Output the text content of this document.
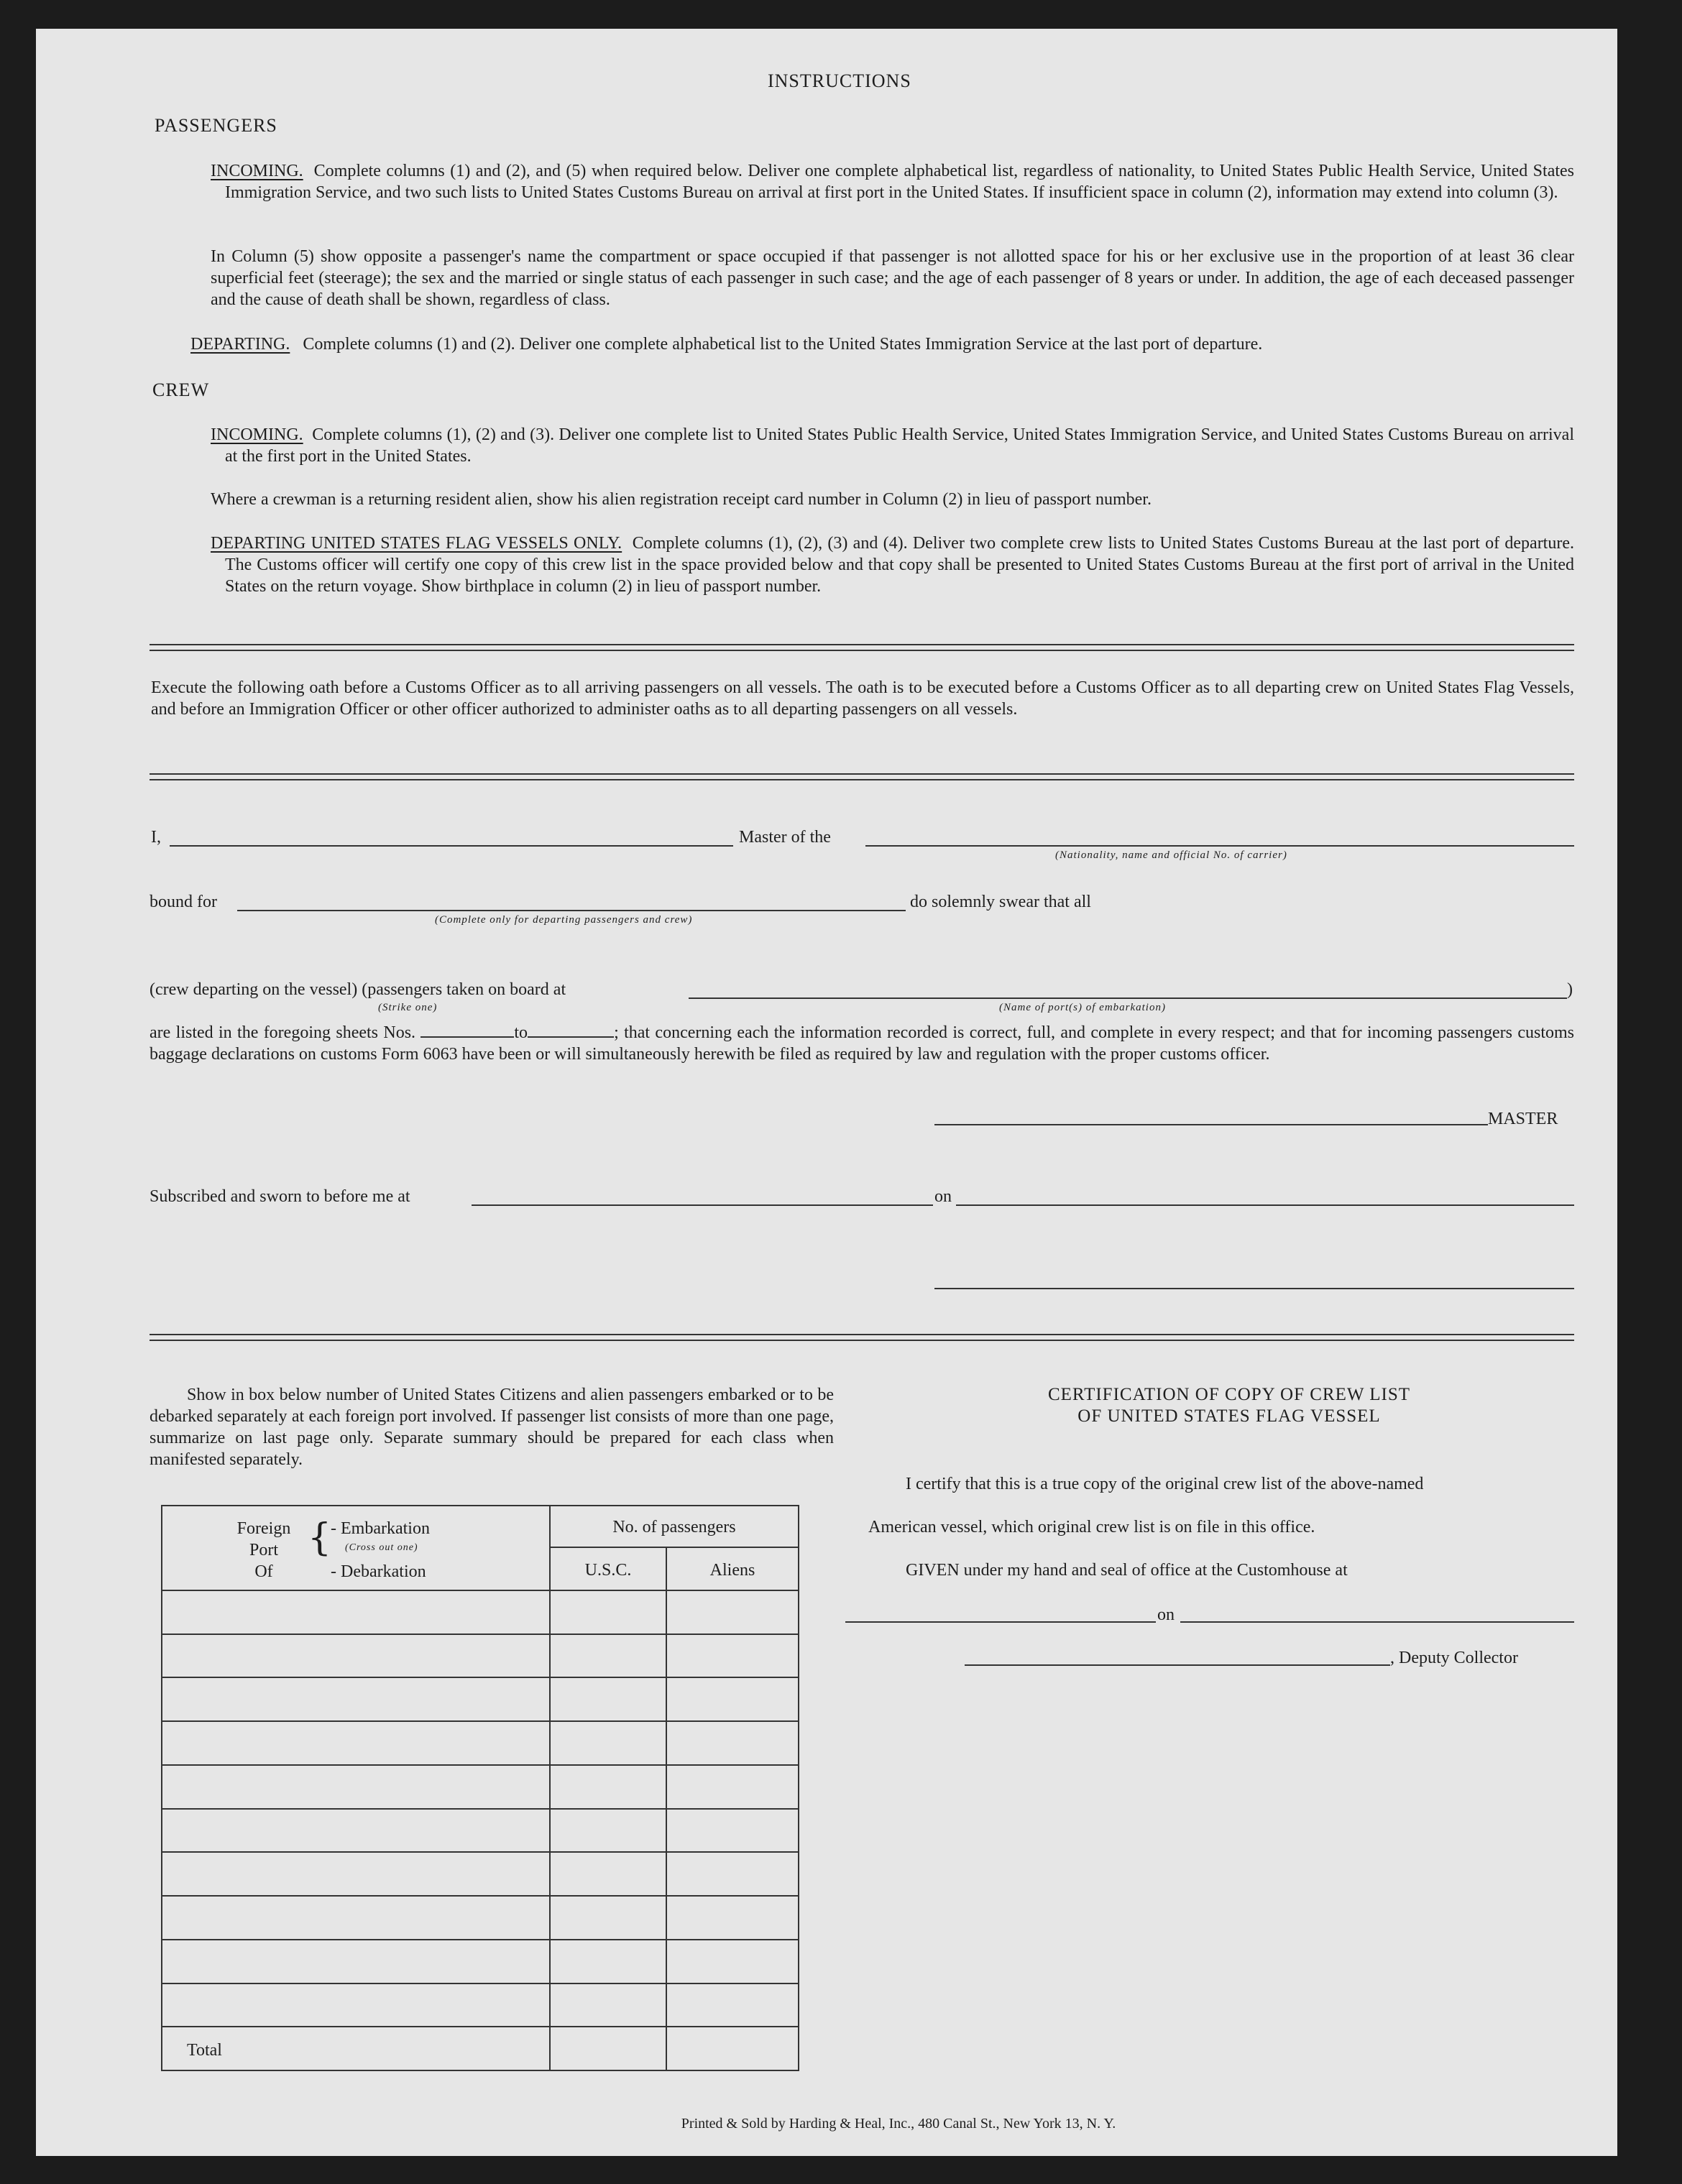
INSTRUCTIONS
PASSENGERS
INCOMING. Complete columns (1) and (2), and (5) when required below. Deliver one complete alphabetical list, regardless of nationality, to United States Public Health Service, United States Immigration Service, and two such lists to United States Customs Bureau on arrival at first port in the United States. If insufficient space in column (2), information may extend into column (3).
In Column (5) show opposite a passenger's name the compartment or space occupied if that passenger is not allotted space for his or her exclusive use in the proportion of at least 36 clear superficial feet (steerage); the sex and the married or single status of each passenger in such case; and the age of each passenger of 8 years or under. In addition, the age of each deceased passenger and the cause of death shall be shown, regardless of class.
DEPARTING. Complete columns (1) and (2). Deliver one complete alphabetical list to the United States Immigration Service at the last port of departure.
CREW
INCOMING. Complete columns (1), (2) and (3). Deliver one complete list to United States Public Health Service, United States Immigration Service, and United States Customs Bureau on arrival at the first port in the United States.
Where a crewman is a returning resident alien, show his alien registration receipt card number in Column (2) in lieu of passport number.
DEPARTING UNITED STATES FLAG VESSELS ONLY. Complete columns (1), (2), (3) and (4). Deliver two complete crew lists to United States Customs Bureau at the last port of departure. The Customs officer will certify one copy of this crew list in the space provided below and that copy shall be presented to United States Customs Bureau at the first port of arrival in the United States on the return voyage. Show birthplace in column (2) in lieu of passport number.
Execute the following oath before a Customs Officer as to all arriving passengers on all vessels. The oath is to be executed before a Customs Officer as to all departing crew on United States Flag Vessels, and before an Immigration Officer or other officer authorized to administer oaths as to all departing passengers on all vessels.
I,	Master of the
(Nationality, name and official No. of carrier)
bound for
(Complete only for departing passengers and crew)
do solemnly swear that all
(crew departing on the vessel) (passengers taken on board at
(Strike one)	(Name of port(s) of embarkation)
)
are listed in the foregoing sheets Nos.	to	; that concerning each the information recorded is correct, full, and complete in every respect; and that for incoming passengers customs baggage declarations on customs Form 6063 have been or will simultaneously herewith be filed as required by law and regulation with the proper customs officer.
MASTER
Subscribed and sworn to before me at	on
Show in box below number of United States Citizens and alien passengers embarked or to be debarked separately at each foreign port involved. If passenger list consists of more than one page, summarize on last page only. Separate summary should be prepared for each class when manifested separately.
Foreign
Port
Of
{
- Embarkation
(Cross out one)
- Debarkation
No. of passengers
U.S.C.	Aliens
Total
CERTIFICATION OF COPY OF CREW LIST
OF UNITED STATES FLAG VESSEL
I certify that this is a true copy of the original crew list of the above-named
American vessel, which original crew list is on file in this office.
GIVEN under my hand and seal of office at the Customhouse at
on
, Deputy Collector
Printed & Sold by Harding & Heal, Inc., 480 Canal St., New York 13, N. Y.
